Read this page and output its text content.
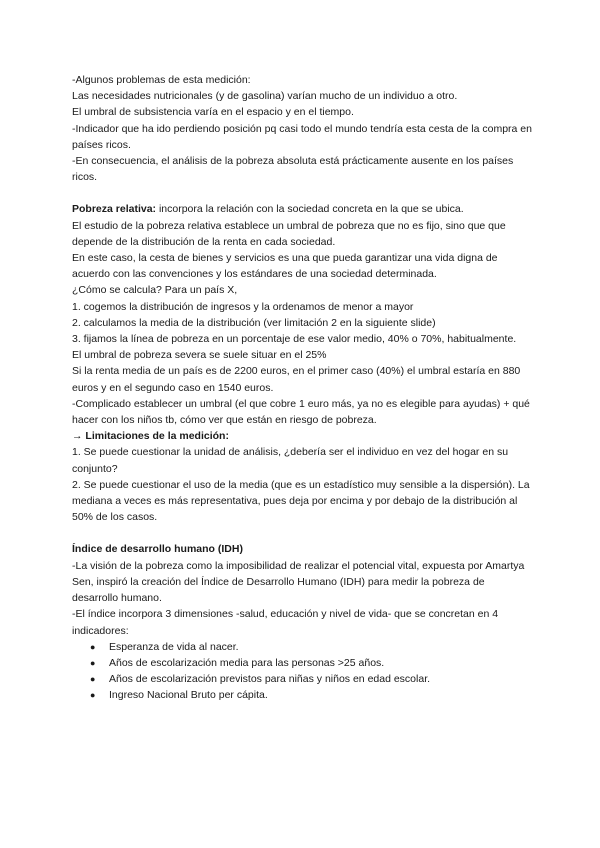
-Algunos problemas de esta medición:

Las necesidades nutricionales (y de gasolina) varían mucho de un individuo a otro.

El umbral de subsistencia varía en el espacio y en el tiempo.

-Indicador que ha ido perdiendo posición pq casi todo el mundo tendría esta cesta de la compra en países ricos.

-En consecuencia, el análisis de la pobreza absoluta está prácticamente ausente en los países ricos.

Pobreza relativa: incorpora la relación con la sociedad concreta en la que se ubica.

El estudio de la pobreza relativa establece un umbral de pobreza que no es fijo, sino que que depende de la distribución de la renta en cada sociedad.

En este caso, la cesta de bienes y servicios es una que pueda garantizar una vida digna de acuerdo con las convenciones y los estándares de una sociedad determinada.

¿Cómo se calcula? Para un país X,

1. cogemos la distribución de ingresos y la ordenamos de menor a mayor

2. calculamos la media de la distribución (ver limitación 2 en la siguiente slide)

3. fijamos la línea de pobreza en un porcentaje de ese valor medio, 40% o 70%, habitualmente.

El umbral de pobreza severa se suele situar en el 25%

Si la renta media de un país es de 2200 euros, en el primer caso (40%) el umbral estaría en 880 euros y en el segundo caso en 1540 euros.

-Complicado establecer un umbral (el que cobre 1 euro más, ya no es elegible para ayudas) + qué hacer con los niños tb, cómo ver que están en riesgo de pobreza.

→ Limitaciones de la medición:

1. Se puede cuestionar la unidad de análisis, ¿debería ser el individuo en vez del hogar en su conjunto?

2. Se puede cuestionar el uso de la media (que es un estadístico muy sensible a la dispersión). La mediana a veces es más representativa, pues deja por encima y por debajo de la distribución al 50% de los casos.

Índice de desarrollo humano (IDH)

-La visión de la pobreza como la imposibilidad de realizar el potencial vital, expuesta por Amartya Sen, inspiró la creación del Índice de Desarrollo Humano (IDH) para medir la pobreza de desarrollo humano.

-El índice incorpora 3 dimensiones -salud, educación y nivel de vida- que se concretan en 4 indicadores:

● Esperanza de vida al nacer.
● Años de escolarización media para las personas >25 años.
● Años de escolarización previstos para niñas y niños en edad escolar.
● Ingreso Nacional Bruto per cápita.
